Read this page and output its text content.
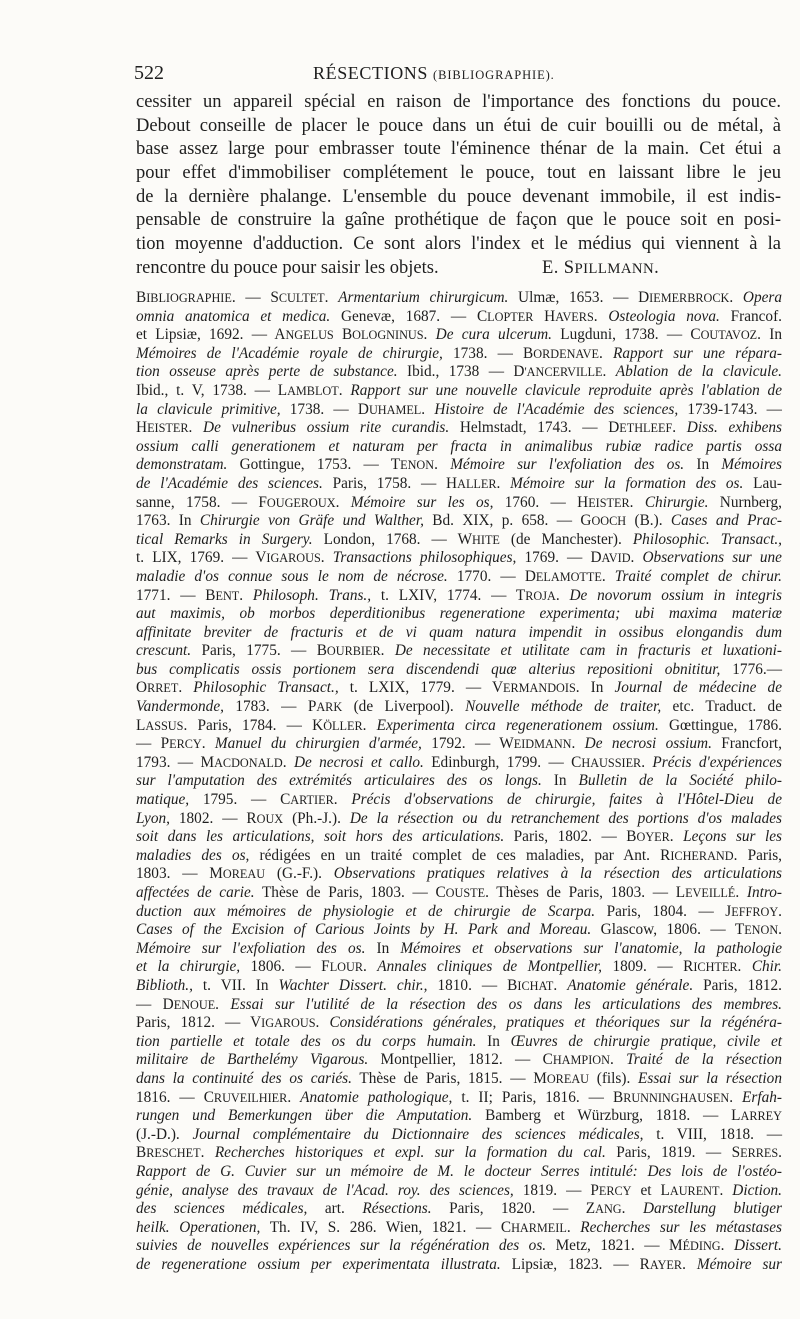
522	RÉSECTIONS (BIBLIOGRAPHIE).
cessiter un appareil spécial en raison de l'importance des fonctions du pouce.
Debout conseille de placer le pouce dans un étui de cuir bouilli ou de métal, à
base assez large pour embrasser toute l'éminence thénar de la main. Cet étui a
pour effet d'immobiliser complétement le pouce, tout en laissant libre le jeu
de la dernière phalange. L'ensemble du pouce devenant immobile, il est indis-
pensable de construire la gaîne prothétique de façon que le pouce soit en posi-
tion moyenne d'adduction. Ce sont alors l'index et le médius qui viennent à la
rencontre du pouce pour saisir les objets.	E. SPILLMANN.
BIBLIOGRAPHIE. — SCULTET. Armentarium chirurgicum. Ulmæ, 1653. — DIEMERBROCK. Opera
omnia anatomica et medica. Genevæ, 1687. — CLOPTER HAVERS. Osteologia nova. Francof.
et Lipsiæ, 1692. — ANGELUS BOLOGNINUS. De cura ulcerum. Lugduni, 1738. — COUTAVOZ. In
Mémoires de l'Académie royale de chirurgie, 1738. — BORDENAVE. Rapport sur une répara-
tion osseuse après perte de substance. Ibid., 1738 — D'ANCERVILLE. Ablation de la clavicule.
Ibid., t. V, 1738. — LAMBLOT. Rapport sur une nouvelle clavicule reproduite après l'ablation de
la clavicule primitive, 1738. — DUHAMEL. Histoire de l'Académie des sciences, 1739-1743. —
HEISTER. De vulneribus ossium rite curandis. Helmstadt, 1743. — DETHLEEF. Diss. exhibens
ossium calli generationem et naturam per fracta in animalibus rubiæ radice partis ossa
demonstratam. Gottingue, 1753. — TENON. Mémoire sur l'exfoliation des os. In Mémoires
de l'Académie des sciences. Paris, 1758. — HALLER. Mémoire sur la formation des os. Lau-
sanne, 1758. — FOUGEROUX. Mémoire sur les os, 1760. — HEISTER. Chirurgie. Nurnberg,
1763. In Chirurgie von Gräfe und Walther, Bd. XIX, p. 658. — GOOCH (B.). Cases and Prac-
tical Remarks in Surgery. London, 1768. — WHITE (de Manchester). Philosophic. Transact.,
t. LIX, 1769. — VIGAROUS. Transactions philosophiques, 1769. — DAVID. Observations sur une
maladie d'os connue sous le nom de nécrose. 1770. — DELAMOTTE. Traité complet de chirur.
1771. — BENT. Philosoph. Trans., t. LXIV, 1774. — TROJA. De novorum ossium in integris
aut maximis, ob morbos deperditionibus regeneratione experimenta; ubi maxima materiæ
affinitate breviter de fracturis et de vi quam natura impendit in ossibus elongandis dum
crescunt. Paris, 1775. — BOURBIER. De necessitate et utilitate cam in fracturis et luxationi-
bus complicatis ossis portionem sera discendendi quæ alterius repositioni obnititur, 1776.—
ORRET. Philosophic Transact., t. LXIX, 1779. — VERMANDOIS. In Journal de médecine de
Vandermonde, 1783. — PARK (de Liverpool). Nouvelle méthode de traiter, etc. Traduct. de
LASSUS. Paris, 1784. — KÖLLER. Experimenta circa regenerationem ossium. Gœttingue, 1786.
— PERCY. Manuel du chirurgien d'armée, 1792. — WEIDMANN. De necrosi ossium. Francfort,
1793. — MACDONALD. De necrosi et callo. Edinburgh, 1799. — CHAUSSIER. Précis d'expériences
sur l'amputation des extrémités articulaires des os longs. In Bulletin de la Société philo-
matique, 1795. — CARTIER. Précis d'observations de chirurgie, faites à l'Hôtel-Dieu de
Lyon, 1802. — ROUX (Ph.-J.). De la résection ou du retranchement des portions d'os malades
soit dans les articulations, soit hors des articulations. Paris, 1802. — BOYER. Leçons sur les
maladies des os, rédigées en un traité complet de ces maladies, par Ant. RICHERAND. Paris,
1803. — MOREAU (G.-F.). Observations pratiques relatives à la résection des articulations
affectées de carie. Thèse de Paris, 1803. — COUSTE. Thèses de Paris, 1803. — LEVEILLÉ. Intro-
duction aux mémoires de physiologie et de chirurgie de Scarpa. Paris, 1804. — JEFFROY.
Cases of the Excision of Carious Joints by H. Park and Moreau. Glascow, 1806. — TENON.
Mémoire sur l'exfoliation des os. In Mémoires et observations sur l'anatomie, la pathologie
et la chirurgie, 1806. — FLOUR. Annales cliniques de Montpellier, 1809. — RICHTER. Chir.
Biblioth., t. VII. In Wachter Dissert. chir., 1810. — BICHAT. Anatomie générale. Paris, 1812.
— DENOUE. Essai sur l'utilité de la résection des os dans les articulations des membres.
Paris, 1812. — VIGAROUS. Considérations générales, pratiques et théoriques sur la régénéra-
tion partielle et totale des os du corps humain. In Œuvres de chirurgie pratique, civile et
militaire de Barthelémy Vigarous. Montpellier, 1812. — CHAMPION. Traité de la résection
dans la continuité des os cariés. Thèse de Paris, 1815. — MOREAU (fils). Essai sur la résection
1816. — CRUVEILHIER. Anatomie pathologique, t. II; Paris, 1816. — BRUNNINGHAUSEN. Erfah-
rungen und Bemerkungen über die Amputation. Bamberg et Würzburg, 1818. — LARREY
(J.-D.). Journal complémentaire du Dictionnaire des sciences médicales, t. VIII, 1818. —
BRESCHET. Recherches historiques et expl. sur la formation du cal. Paris, 1819. — SERRES.
Rapport de G. Cuvier sur un mémoire de M. le docteur Serres intitulé: Des lois de l'ostéo-
génie, analyse des travaux de l'Acad. roy. des sciences, 1819. — PERCY et LAURENT. Diction.
des sciences médicales, art. Résections. Paris, 1820. — ZANG. Darstellung blutiger
heilk. Operationen, Th. IV, S. 286. Wien, 1821. — CHARMEIL. Recherches sur les métastases
suivies de nouvelles expériences sur la régénération des os. Metz, 1821. — MÉDING. Dissert.
de regeneratione ossium per experimentata illustrata. Lipsiæ, 1823. — RAYER. Mémoire sur
